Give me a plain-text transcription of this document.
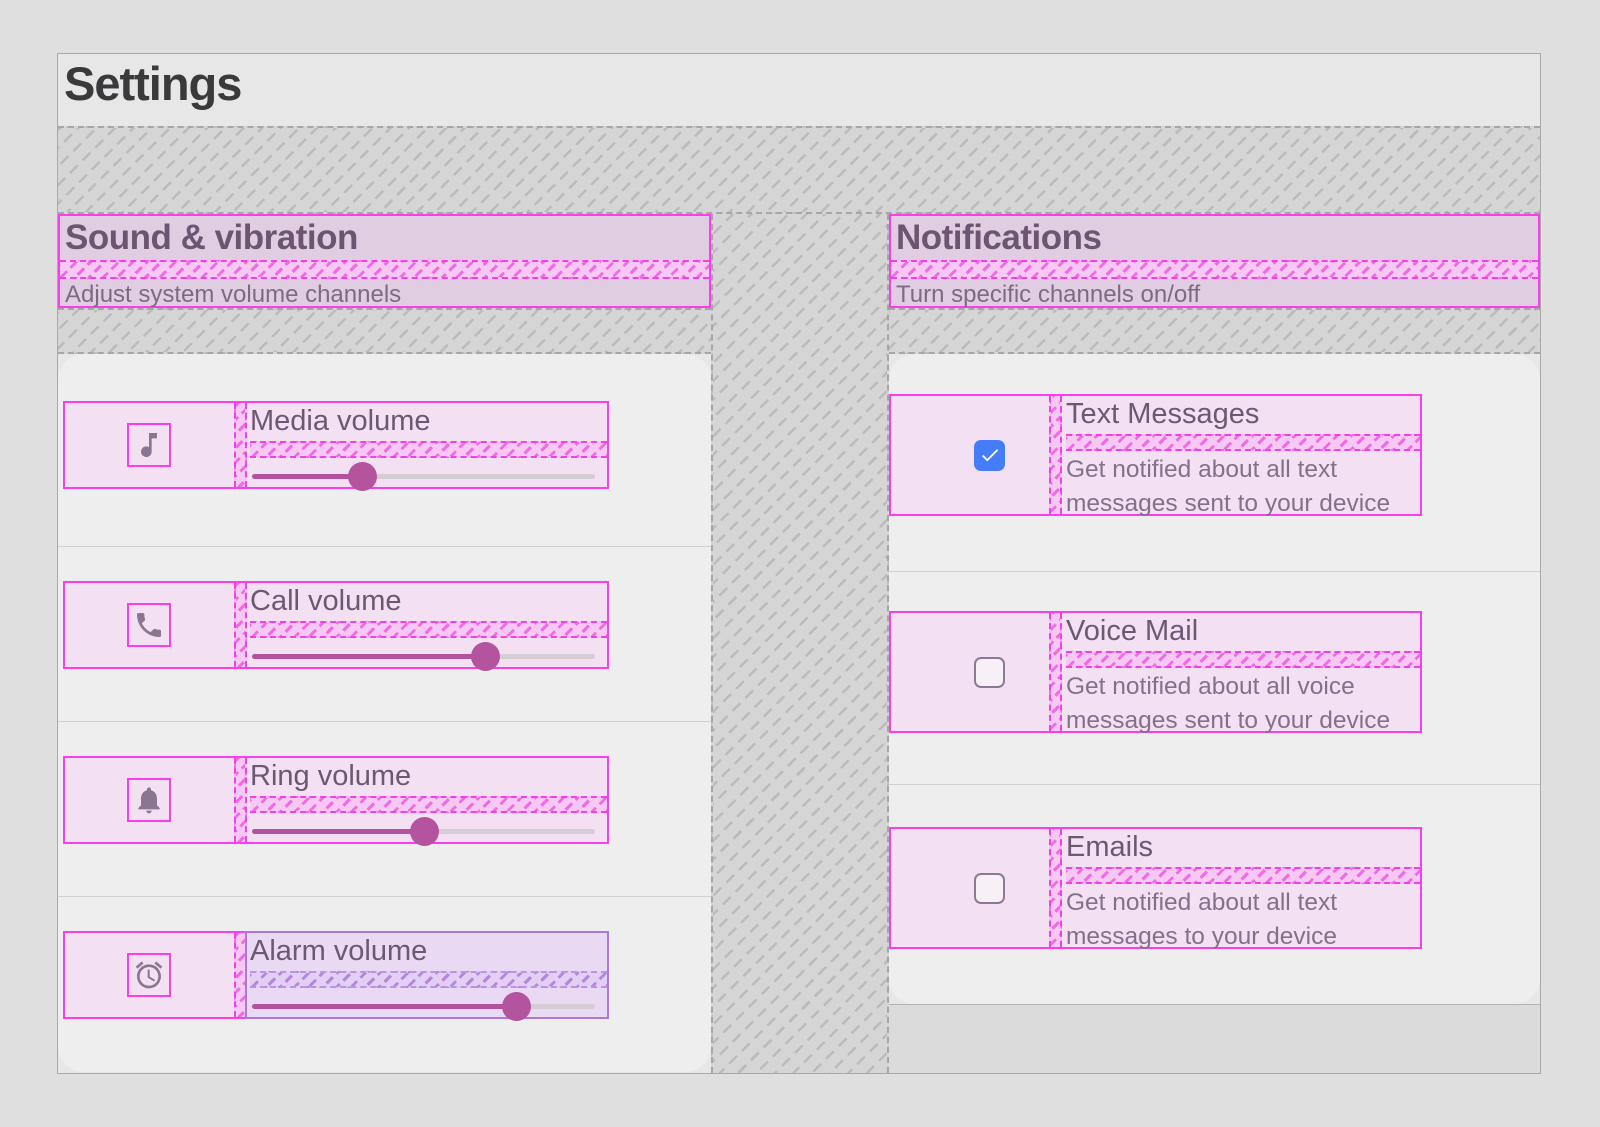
Settings
Sound & vibration
Adjust system volume channels
Notifications
Turn specific channels on/off
Media volume
Call volume
Ring volume
Alarm volume
Text Messages
Get notified about all text messages sent to your device
Voice Mail
Get notified about all voice messages sent to your device
Emails
Get notified about all text messages to your device
